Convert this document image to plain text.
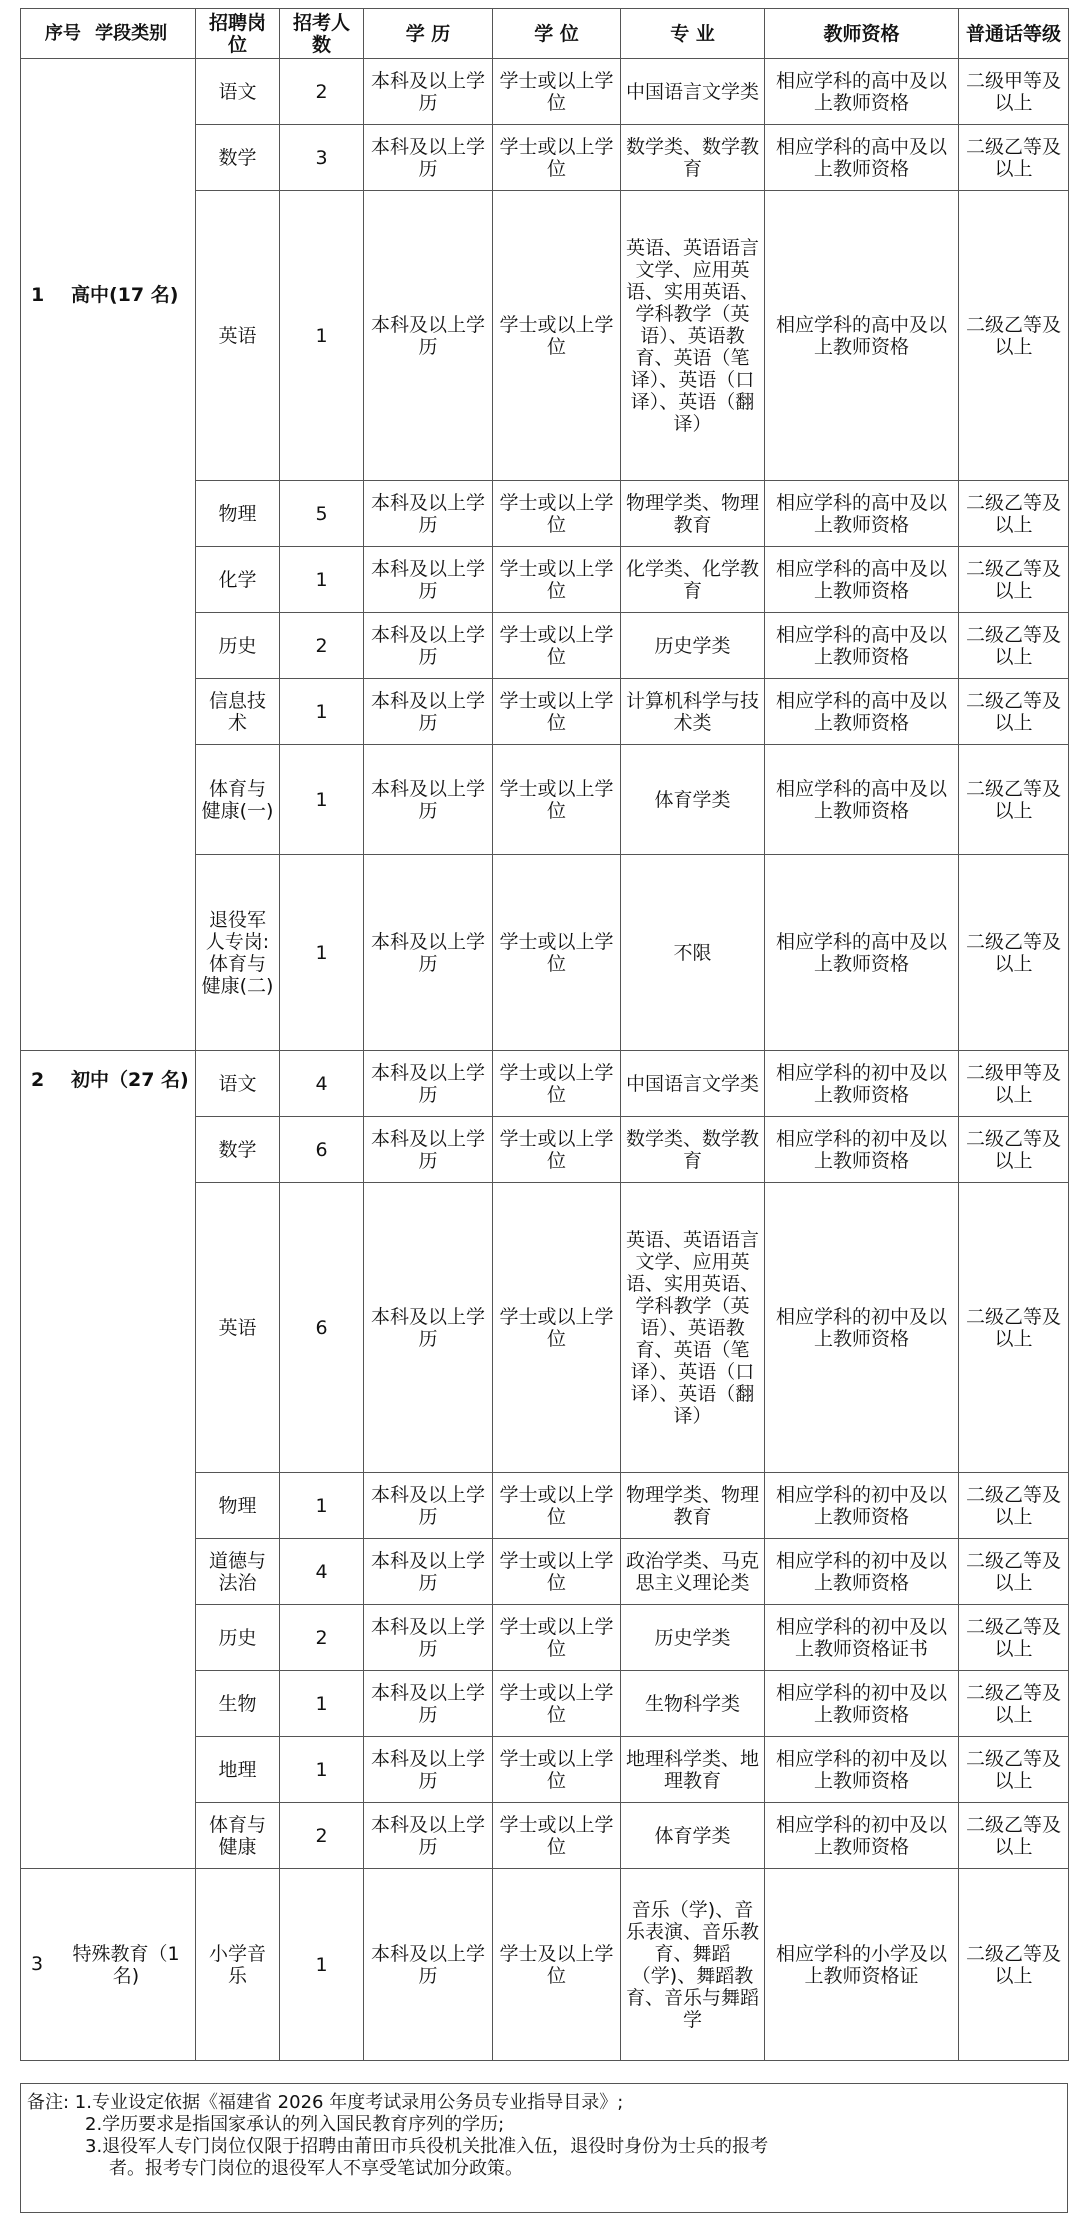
序号 学段类别	招聘岗位	招考人数	学 历	学 位	专 业	教师资格	普通话等级
1 高中(17 名)	语文	2	本科及以上学历	学士或以上学位	中国语言文学类	相应学科的高中及以上教师资格	二级甲等及以上
	数学	3	本科及以上学历	学士或以上学位	数学类、数学教育	相应学科的高中及以上教师资格	二级乙等及以上
	英语	1	本科及以上学历	学士或以上学位	英语、英语语言文学、应用英语、实用英语、学科教学（英语）、英语教育、英语（笔译）、英语（口译）、英语（翻译）	相应学科的高中及以上教师资格	二级乙等及以上
	物理	5	本科及以上学历	学士或以上学位	物理学类、物理教育	相应学科的高中及以上教师资格	二级乙等及以上
	化学	1	本科及以上学历	学士或以上学位	化学类、化学教育	相应学科的高中及以上教师资格	二级乙等及以上
	历史	2	本科及以上学历	学士或以上学位	历史学类	相应学科的高中及以上教师资格	二级乙等及以上
	信息技术	1	本科及以上学历	学士或以上学位	计算机科学与技术类	相应学科的高中及以上教师资格	二级乙等及以上
	体育与健康(一)	1	本科及以上学历	学士或以上学位	体育学类	相应学科的高中及以上教师资格	二级乙等及以上
	退役军人专岗:体育与健康(二)	1	本科及以上学历	学士或以上学位	不限	相应学科的高中及以上教师资格	二级乙等及以上
2 初中（27 名)	语文	4	本科及以上学历	学士或以上学位	中国语言文学类	相应学科的初中及以上教师资格	二级甲等及以上
	数学	6	本科及以上学历	学士或以上学位	数学类、数学教育	相应学科的初中及以上教师资格	二级乙等及以上
	英语	6	本科及以上学历	学士或以上学位	英语、英语语言文学、应用英语、实用英语、学科教学（英语）、英语教育、英语（笔译）、英语（口译）、英语（翻译）	相应学科的初中及以上教师资格	二级乙等及以上
	物理	1	本科及以上学历	学士或以上学位	物理学类、物理教育	相应学科的初中及以上教师资格	二级乙等及以上
	道德与法治	4	本科及以上学历	学士或以上学位	政治学类、马克思主义理论类	相应学科的初中及以上教师资格	二级乙等及以上
	历史	2	本科及以上学历	学士或以上学位	历史学类	相应学科的初中及以上教师资格证书	二级乙等及以上
	生物	1	本科及以上学历	学士或以上学位	生物科学类	相应学科的初中及以上教师资格	二级乙等及以上
	地理	1	本科及以上学历	学士或以上学位	地理科学类、地理教育	相应学科的初中及以上教师资格	二级乙等及以上
	体育与健康	2	本科及以上学历	学士或以上学位	体育学类	相应学科的初中及以上教师资格	二级乙等及以上
3 特殊教育（1 名)	小学音乐	1	本科及以上学历	学士及以上学位	音乐（学)、音乐表演、音乐教育、舞蹈（学)、舞蹈教育、音乐与舞蹈学	相应学科的小学及以上教师资格证	二级乙等及以上
备注: 1.专业设定依据《福建省 2026 年度考试录用公务员专业指导目录》;
2.学历要求是指国家承认的列入国民教育序列的学历;
3.退役军人专门岗位仅限于招聘由莆田市兵役机关批准入伍，退役时身份为士兵的报考
者。报考专门岗位的退役军人不享受笔试加分政策。
